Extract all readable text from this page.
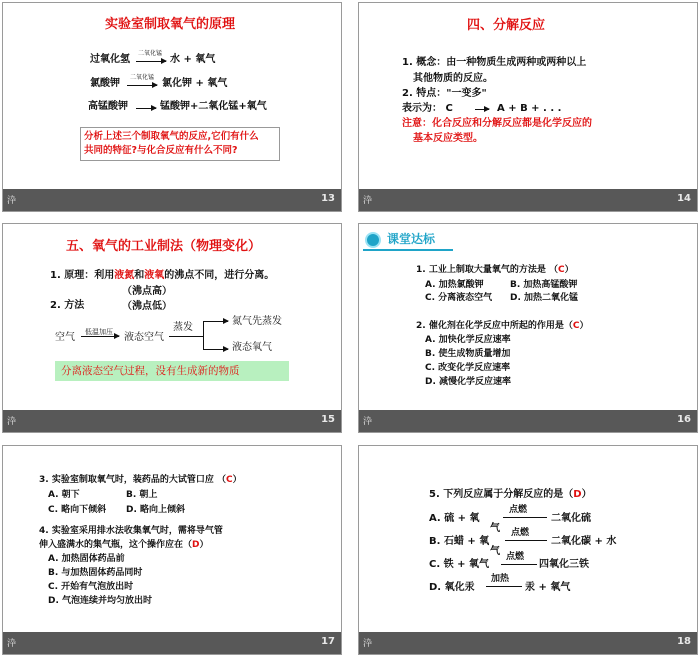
实验室制取氧气的原理
过氧化氢
二氧化锰
→ 水 + 氧气
氯酸钾
二氧化锰
→ 氯化钾 + 氧气
高锰酸钾 → 锰酸钾+二氧化锰+氧气
分析上述三个制取氧气的反应,它们有什么
共同的特征?与化合反应有什么不同?
㳃	13
四、分解反应
1. 概念：由一种物质生成两种或两种以上
其他物质的反应。
2. 特点："一变多"
表示为： C	A + B + . . .
注意：化合反应和分解反应都是化学反应的
基本反应类型。
㳃	14
五、氧气的工业制法（物理变化）
1. 原理：利用液氮和液氧的沸点不同，进行分离。
（沸点高）
2. 方法	（沸点低）
空气 低温加压 液态空气
蒸发
氮气先蒸发
液态氧气
分离液态空气过程，没有生成新的物质
㳃	15
课堂达标
1. 工业上制取大量氧气的方法是 （C）
A. 加热氯酸钾	B. 加热高锰酸钾
C. 分离液态空气 D. 加热二氧化锰
2. 催化剂在化学反应中所起的作用是（C）
A. 加快化学反应速率
B. 使生成物质量增加
C. 改变化学反应速率
D. 减慢化学反应速率
㳃	16
3. 实验室制取氧气时，装药品的大试管口应 （C）
A. 朝下	B. 朝上
C. 略向下倾斜 D. 略向上倾斜
4. 实验室采用排水法收集氧气时，需将导气管
伸入盛满水的集气瓶，这个操作应在（D）
A. 加热固体药品前
B. 与加热固体药品同时
C. 开始有气泡放出时
D. 气泡连续并均匀放出时
㳃	17
5. 下列反应属于分解反应的是（D）
A. 硫 + 氧
气
点燃
二氧化硫
B. 石蜡 + 氧
气
点燃
二氧化碳 + 水
C. 铁 + 氧气
点燃
四氧化三铁
D. 氧化汞
加热
汞 + 氧气
㳃	18
